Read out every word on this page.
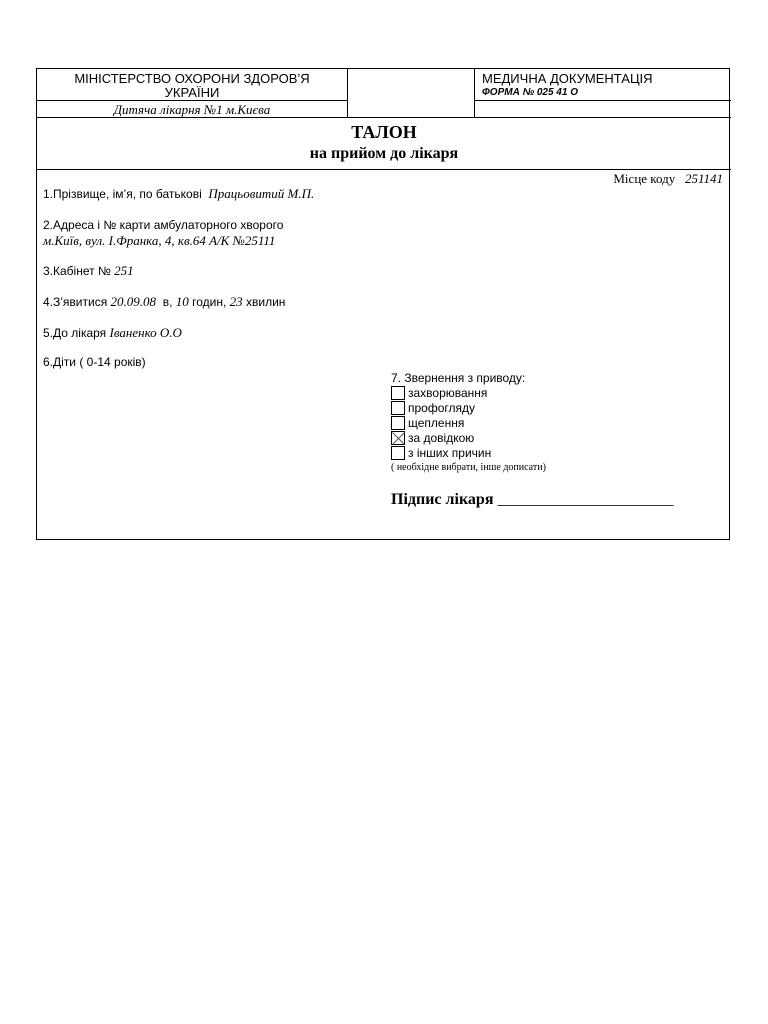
МІНІСТЕРСТВО ОХОРОНИ ЗДОРОВ’Я
УКРАЇНИ
Дитяча лікарня №1 м.Києва
МЕДИЧНА ДОКУМЕНТАЦІЯ
ФОРМА № 025 41 О
ТАЛОН
на прийом до лікаря
Місце коду 251141
1.Прізвище, ім’я, по батькові Працьовитий М.П.
2.Адреса і № карти амбулаторного хворого
м.Київ, вул. І.Франка, 4, кв.64 А/К №25111
3.Кабінет № 251
4.З’явитися 20.09.08 в, 10 годин, 23 хвилин
5.До лікаря Іваненко О.О
6.Діти ( 0-14 років)
7. Звернення з приводу:
захворювання
профогляду
щеплення
за довідкою
з інших причин
( необхідне вибрати, інше дописати)
Підпис лікаря ______________________
